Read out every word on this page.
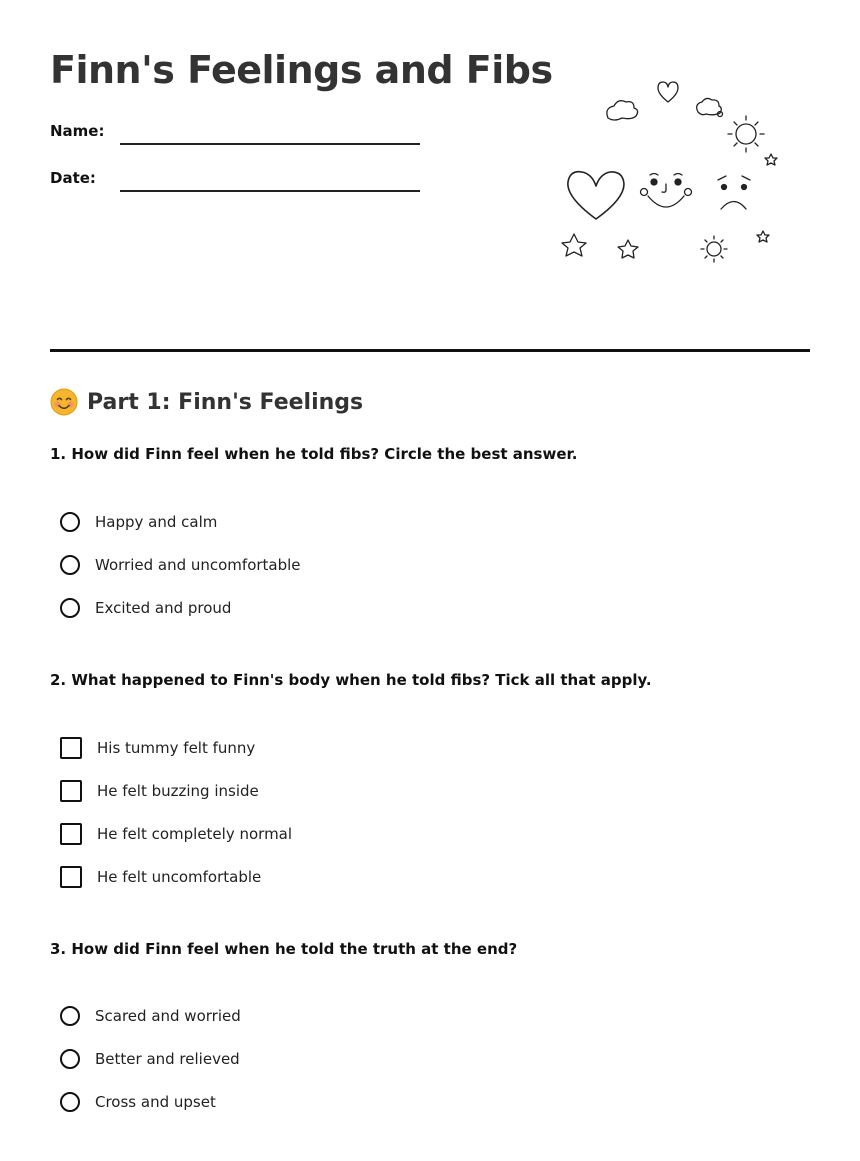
Finn's Feelings and Fibs
Name:
Date:
Part 1: Finn's Feelings
1. How did Finn feel when he told fibs? Circle the best answer.
Happy and calm
Worried and uncomfortable
Excited and proud
2. What happened to Finn's body when he told fibs? Tick all that apply.
His tummy felt funny
He felt buzzing inside
He felt completely normal
He felt uncomfortable
3. How did Finn feel when he told the truth at the end?
Scared and worried
Better and relieved
Cross and upset
